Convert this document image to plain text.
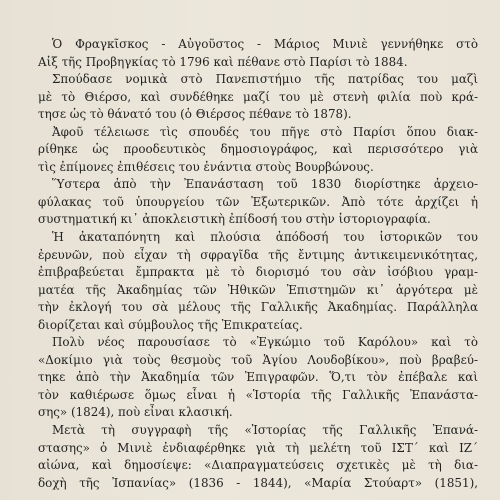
Ὁ Φραγκῖσκος - Αὐγοῦστος - Μάριος Μινιὲ γεννήθηκε στὸ
Αἰξ τῆς Προβηγκίας τὸ 1796 καὶ πέθανε στὸ Παρίσι τὸ 1884.
Σπούδασε νομικὰ στὸ Πανεπιστήμιο τῆς πατρίδας του μαζὶ
μὲ τὸ Θιέρσο, καὶ συνδέθηκε μαζί του μὲ στενὴ φιλία ποὺ κρά-
τησε ὡς τὸ θάνατό του (ὁ Θιέρσος πέθανε τὸ 1878).
Ἀφοῦ τέλειωσε τὶς σπουδές του πῆγε στὸ Παρίσι ὅπου διακ-
ρίθηκε ὡς προοδευτικὸς δημοσιογράφος, καὶ περισσότερο γιὰ
τὶς ἐπίμονες ἐπιθέσεις του ἐνάντια στοὺς Βουρβώνους.
Ὕστερα ἀπὸ τὴν Ἐπανάσταση τοῦ 1830 διορίστηκε ἀρχειο-
φύλακας τοῦ ὑπουργείου τῶν Ἐξωτερικῶν. Ἀπὸ τότε ἀρχίζει ἡ
συστηματική κι᾽ ἀποκλειστικὴ ἐπίδοσή του στὴν ἱστοριογραφία.
Ἡ ἀκαταπόνητη καὶ πλούσια ἀπόδοσή του ἱστορικῶν του
ἐρευνῶν, ποὺ εἶχαν τὴ σφραγῖδα τῆς ἔντιμης ἀντικειμενικότητας,
ἐπιβραβεύεται ἔμπρακτα μὲ τὸ διορισμό του σὰν ἰσόβιου γραμ-
ματέα τῆς Ἀκαδημίας τῶν Ἠθικῶν Ἐπιστημῶν κι᾽ ἀργότερα μὲ
τὴν ἐκλογή του σὰ μέλους τῆς Γαλλικῆς Ἀκαδημίας. Παράλληλα
διορίζεται καὶ σύμβουλος τῆς Ἐπικρατείας.
Πολὺ νέος παρουσίασε τὸ «Ἐγκώμιο τοῦ Καρόλου» καὶ τὸ
«Δοκίμιο γιὰ τοὺς θεσμοὺς τοῦ Ἁγίου Λουδοβίκου», ποὺ βραβεύ-
τηκε ἀπὸ τὴν Ἀκαδημία τῶν Ἐπιγραφῶν. Ὅ,τι τὸν ἐπέβαλε καὶ
τὸν καθιέρωσε ὅμως εἶναι ἡ «Ἱστορία τῆς Γαλλικῆς Ἐπανάστα-
σης» (1824), ποὺ εἶναι κλασική.
Μετὰ τὴ συγγραφὴ τῆς «Ἱστορίας τῆς Γαλλικῆς Ἐπανά-
στασης» ὁ Μινιὲ ἐνδιαφέρθηκε γιὰ τὴ μελέτη τοῦ ΙΣΤ´ καὶ ΙΖ´
αἰώνα, καὶ δημοσίεψε: «Διαπραγματεύσεις σχετικὲς μὲ τὴ δια-
δοχὴ τῆς Ἰσπανίας» (1836 - 1844), «Μαρία Στούαρτ» (1851),
